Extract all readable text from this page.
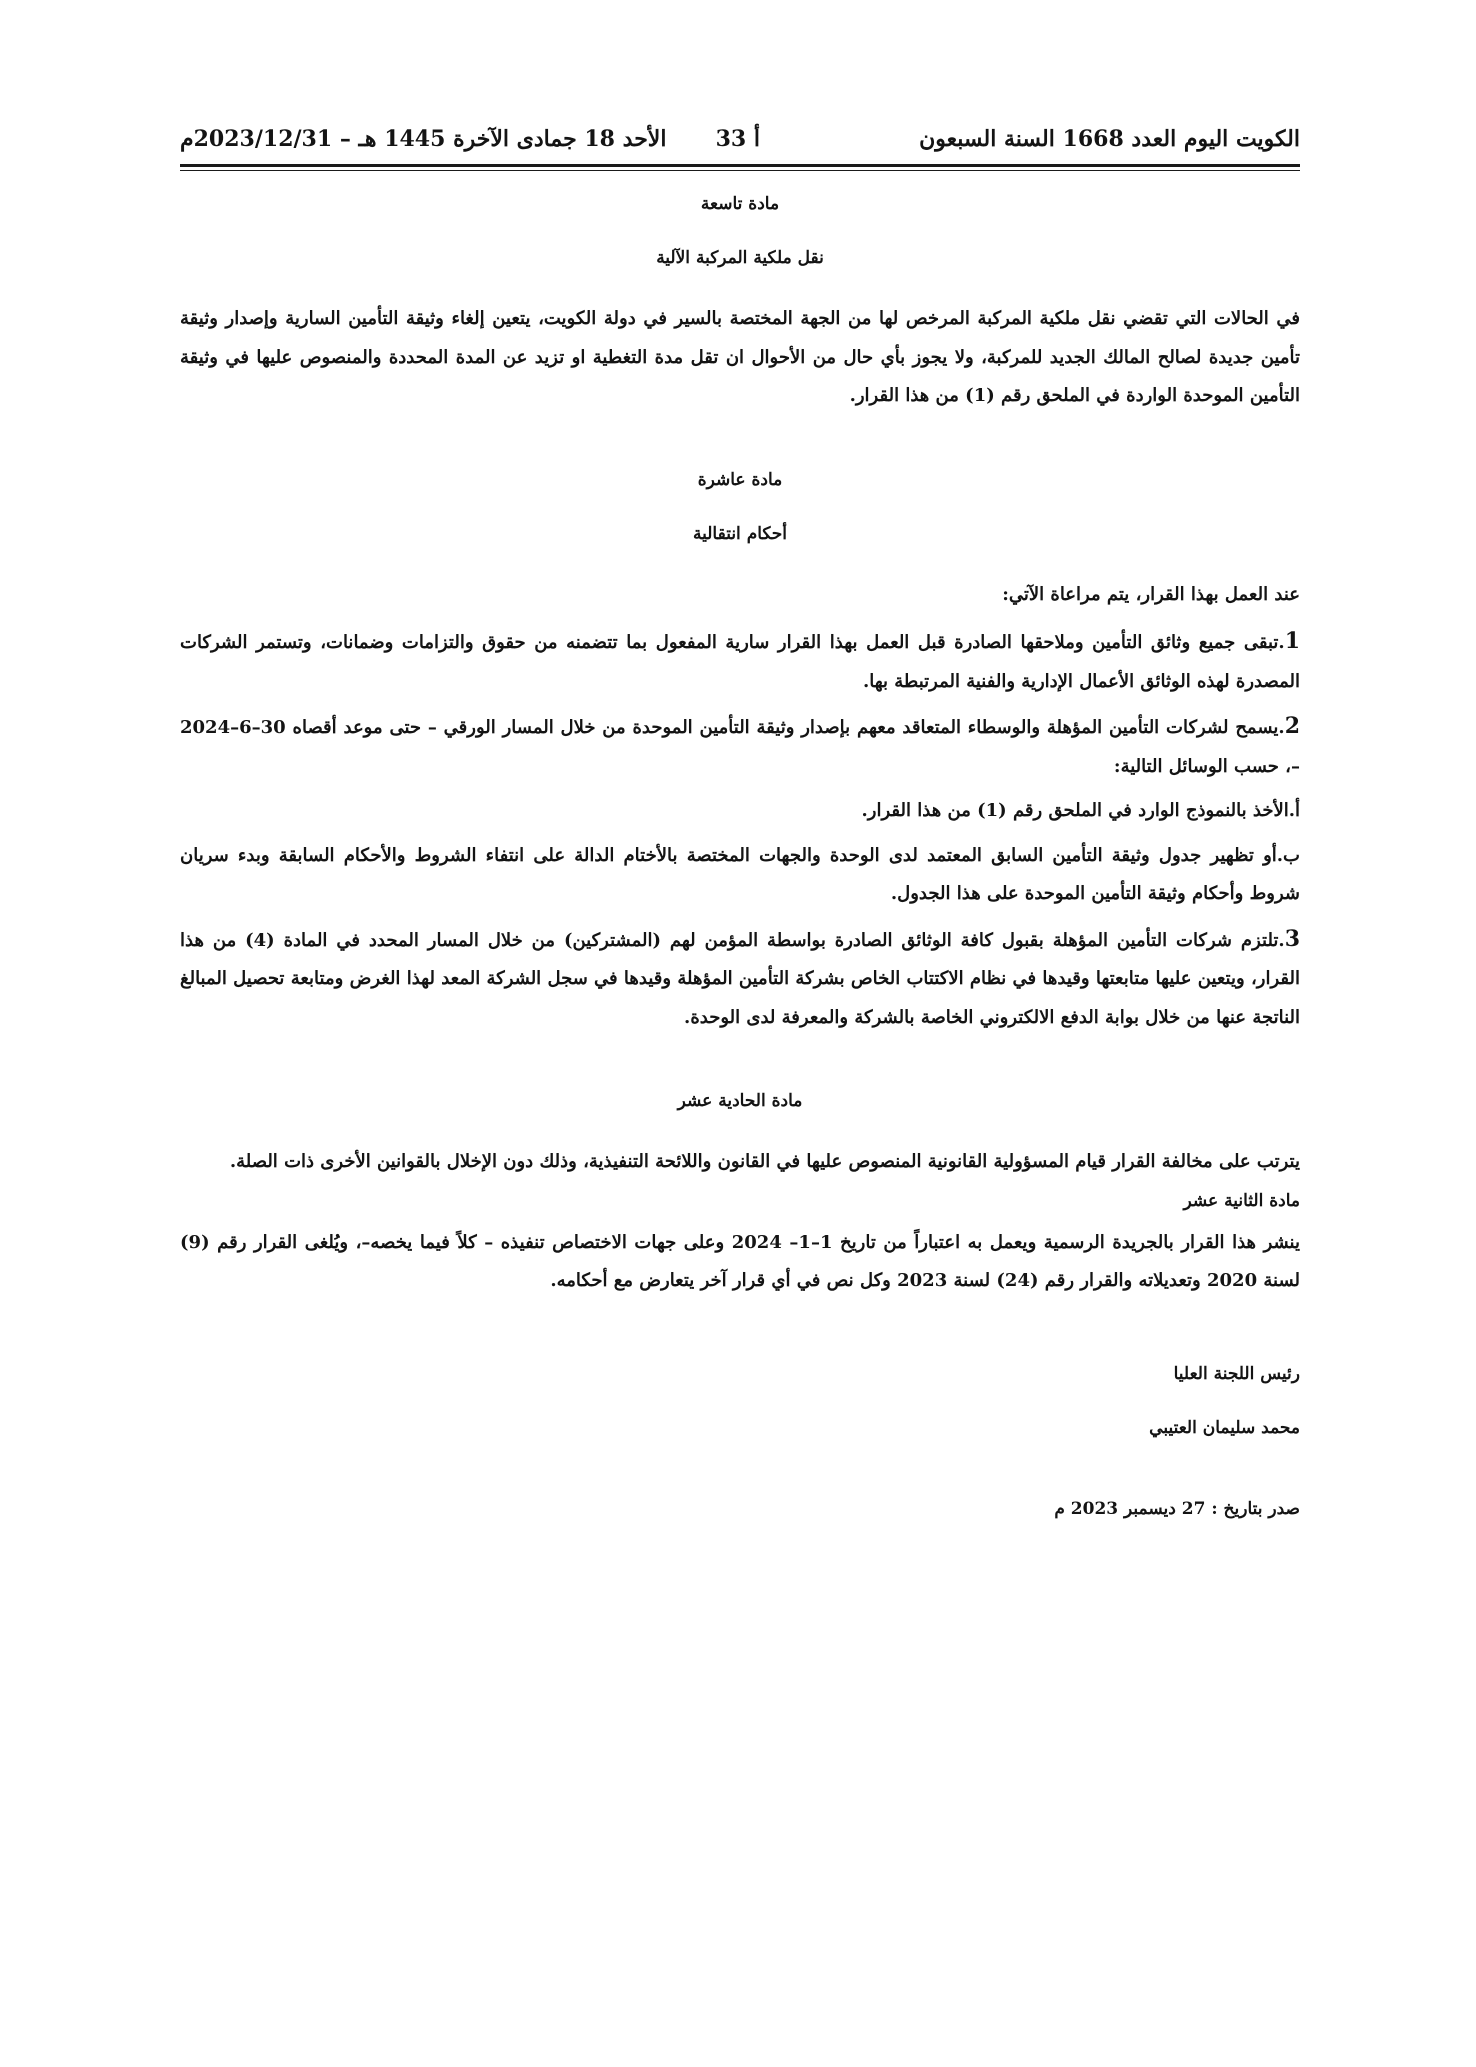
الكويت اليوم العدد 1668 السنة السبعون
أ 33
الأحد 18 جمادى الآخرة 1445 هـ – 2023/12/31م
مادة تاسعة
نقل ملكية المركبة الآلية

في الحالات التي تقضي نقل ملكية المركبة المرخص لها من الجهة المختصة بالسير في دولة الكويت، يتعين إلغاء وثيقة التأمين السارية وإصدار وثيقة تأمين جديدة لصالح المالك الجديد للمركبة، ولا يجوز بأي حال من الأحوال ان تقل مدة التغطية او تزيد عن المدة المحددة والمنصوص عليها في وثيقة التأمين الموحدة الواردة في الملحق رقم (1) من هذا القرار.

مادة عاشرة
أحكام انتقالية

عند العمل بهذا القرار، يتم مراعاة الآتي:

1.تبقى جميع وثائق التأمين وملاحقها الصادرة قبل العمل بهذا القرار سارية المفعول بما تتضمنه من حقوق والتزامات وضمانات، وتستمر الشركات المصدرة لهذه الوثائق الأعمال الإدارية والفنية المرتبطة بها.

2.يسمح لشركات التأمين المؤهلة والوسطاء المتعاقد معهم بإصدار وثيقة التأمين الموحدة من خلال المسار الورقي – حتى موعد أقصاه 30–6–2024 –، حسب الوسائل التالية:

أ.الأخذ بالنموذج الوارد في الملحق رقم (1) من هذا القرار.

ب.أو تظهير جدول وثيقة التأمين السابق المعتمد لدى الوحدة والجهات المختصة بالأختام الدالة على انتفاء الشروط والأحكام السابقة وبدء سريان شروط وأحكام وثيقة التأمين الموحدة على هذا الجدول.

3.تلتزم شركات التأمين المؤهلة بقبول كافة الوثائق الصادرة بواسطة المؤمن لهم (المشتركين) من خلال المسار المحدد في المادة (4) من هذا القرار، ويتعين عليها متابعتها وقيدها في نظام الاكتتاب الخاص بشركة التأمين المؤهلة وقيدها في سجل الشركة المعد لهذا الغرض ومتابعة تحصيل المبالغ الناتجة عنها من خلال بوابة الدفع الالكتروني الخاصة بالشركة والمعرفة لدى الوحدة.

مادة الحادية عشر

يترتب على مخالفة القرار قيام المسؤولية القانونية المنصوص عليها في القانون واللائحة التنفيذية، وذلك دون الإخلال بالقوانين الأخرى ذات الصلة.

مادة الثانية عشر

ينشر هذا القرار بالجريدة الرسمية ويعمل به اعتباراً من تاريخ 1–1– 2024 وعلى جهات الاختصاص تنفيذه – كلاً فيما يخصه–، ويُلغى القرار رقم (9) لسنة 2020 وتعديلاته والقرار رقم (24) لسنة 2023 وكل نص في أي قرار آخر يتعارض مع أحكامه.

رئيس اللجنة العليا
محمد سليمان العتيبي
صدر بتاريخ : 27 ديسمبر 2023 م
